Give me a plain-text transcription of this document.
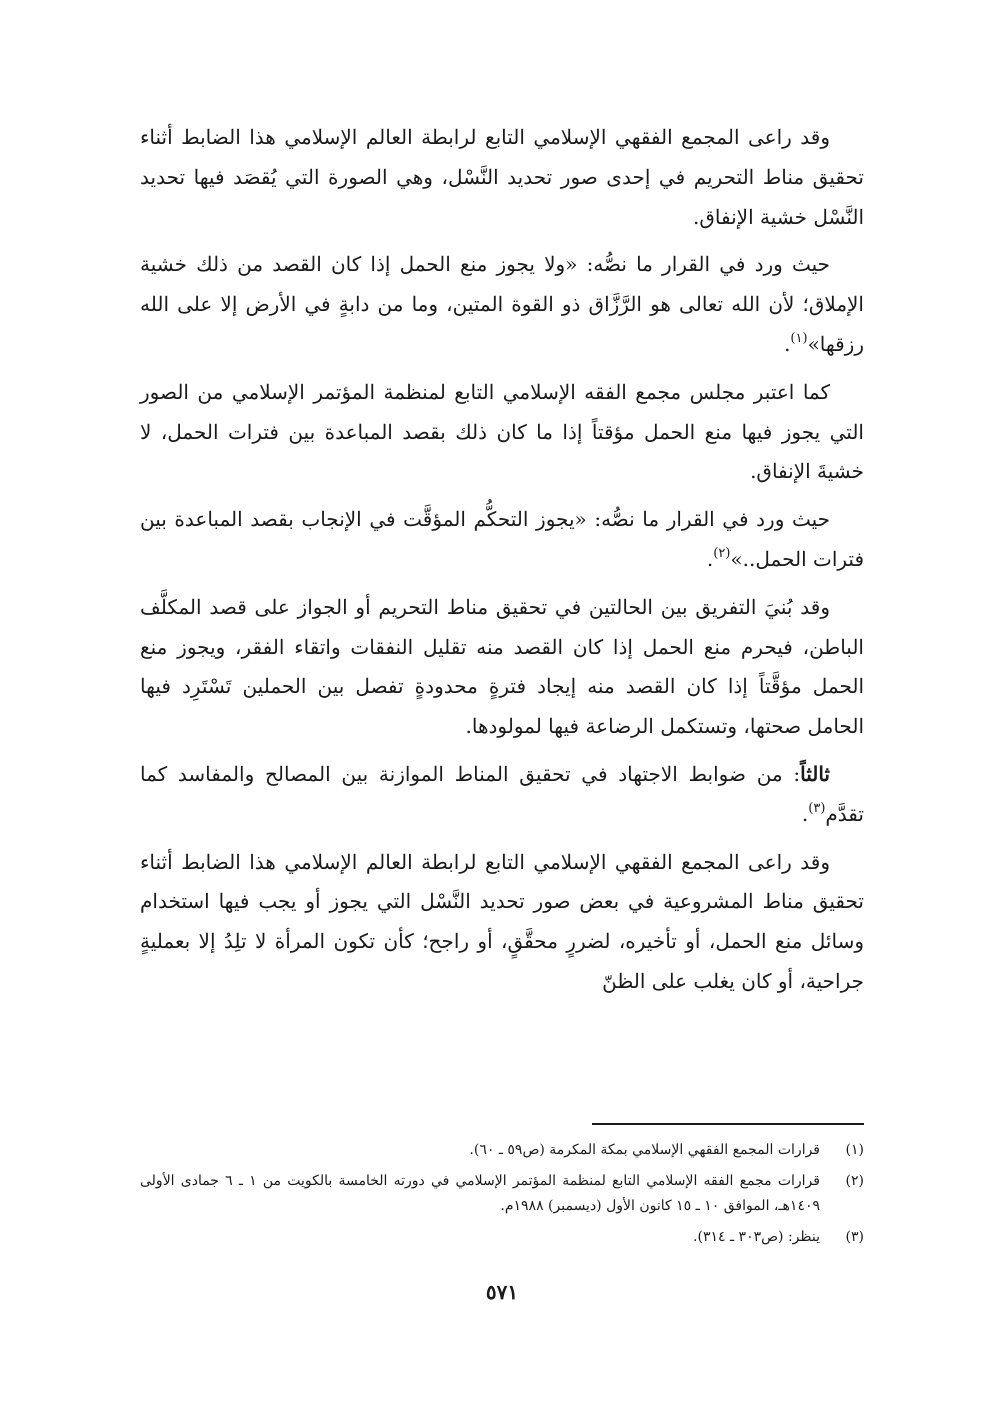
وقد راعى المجمع الفقهي الإسلامي التابع لرابطة العالم الإسلامي هذا الضابط أثناء تحقيق مناط التحريم في إحدى صور تحديد النَّسْل، وهي الصورة التي يُقصَد فيها تحديد النَّسْل خشية الإنفاق.

حيث ورد في القرار ما نصُّه: «ولا يجوز منع الحمل إذا كان القصد من ذلك خشية الإملاق؛ لأن الله تعالى هو الرَّزَّاق ذو القوة المتين، وما من دابةٍ في الأرض إلا على الله رزقها»$^{(١)}$.

كما اعتبر مجلس مجمع الفقه الإسلامي التابع لمنظمة المؤتمر الإسلامي من الصور التي يجوز فيها منع الحمل مؤقتاً إذا ما كان ذلك بقصد المباعدة بين فترات الحمل، لا خشيةَ الإنفاق.

حيث ورد في القرار ما نصُّه: «يجوز التحكُّم المؤقَّت في الإنجاب بقصد المباعدة بين فترات الحمل..»$^{(٢)}$.

وقد بُنيَ التفريق بين الحالتين في تحقيق مناط التحريم أو الجواز على قصد المكلَّف الباطن، فيحرم منع الحمل إذا كان القصد منه تقليل النفقات واتقاء الفقر، ويجوز منع الحمل مؤقَّتاً إذا كان القصد منه إيجاد فترةٍ محدودةٍ تفصل بين الحملين تَسْتَرِد فيها الحامل صحتها، وتستكمل الرضاعة فيها لمولودها.

ثالثاً: من ضوابط الاجتهاد في تحقيق المناط الموازنة بين المصالح والمفاسد كما تقدَّم$^{(٣)}$.

وقد راعى المجمع الفقهي الإسلامي التابع لرابطة العالم الإسلامي هذا الضابط أثناء تحقيق مناط المشروعية في بعض صور تحديد النَّسْل التي يجوز أو يجب فيها استخدام وسائل منع الحمل، أو تأخيره، لضررٍ محقَّقٍ، أو راجح؛ كأن تكون المرأة لا تلِدُ إلا بعمليةٍ جراحية، أو كان يغلب على الظنّ

(١)
قرارات المجمع الفقهي الإسلامي بمكة المكرمة (ص٥٩ ـ ٦٠).
(٢)
قرارات مجمع الفقه الإسلامي التابع لمنظمة المؤتمر الإسلامي في دورته الخامسة بالكويت من ١ ـ ٦ جمادى الأولى ١٤٠٩هـ، الموافق ١٠ ـ ١٥ كانون الأول (ديسمبر) ١٩٨٨م.
(٣)
ينظر: (ص٣٠٣ ـ ٣١٤).
٥٧١
